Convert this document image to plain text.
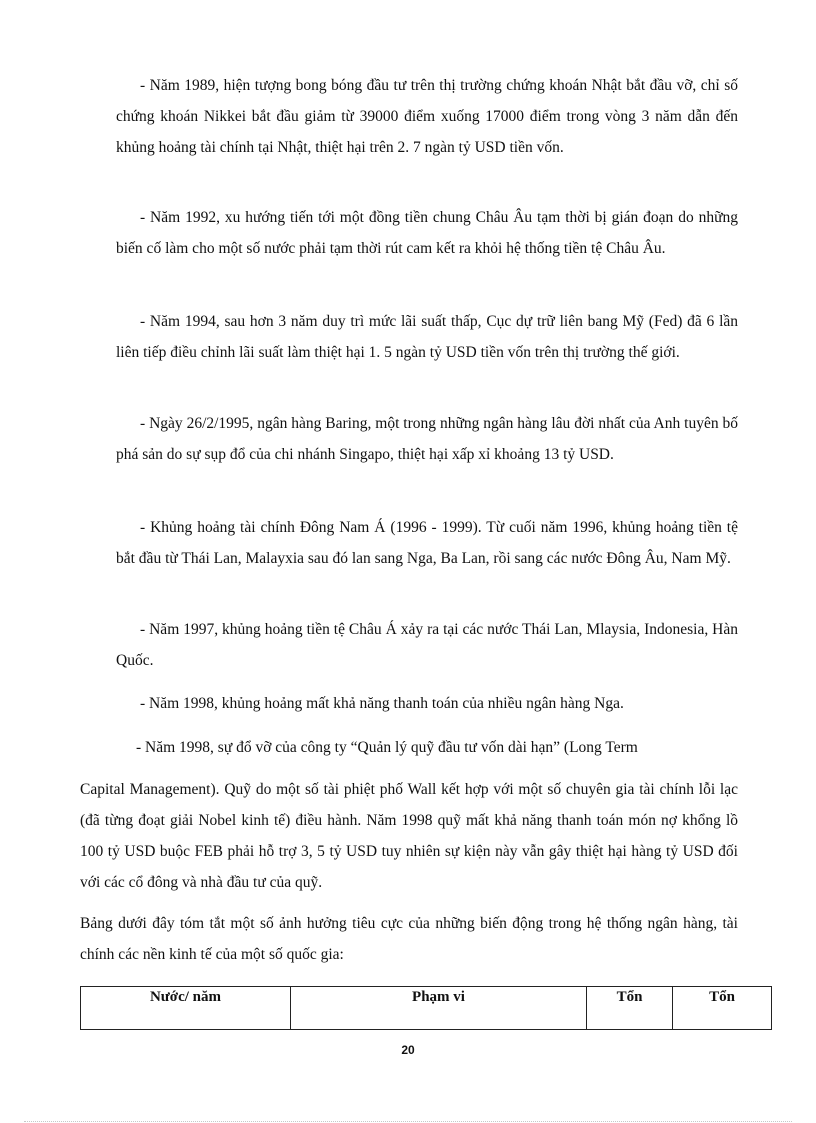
- Năm 1989, hiện tượng bong bóng đầu tư trên thị trường chứng khoán Nhật bắt đầu vỡ, chỉ số chứng khoán Nikkei bắt đầu giảm từ 39000 điểm xuống 17000 điểm trong vòng 3 năm dẫn đến khủng hoảng tài chính tại Nhật, thiệt hại trên 2. 7 ngàn tỷ USD tiền vốn.

- Năm 1992, xu hướng tiến tới một đồng tiền chung Châu Âu tạm thời bị gián đoạn do những biến cố làm cho một số nước phải tạm thời rút cam kết ra khỏi hệ thống tiền tệ Châu Âu.

- Năm 1994, sau hơn 3 năm duy trì mức lãi suất thấp, Cục dự trữ liên bang Mỹ (Fed) đã 6 lần liên tiếp điều chỉnh lãi suất làm thiệt hại 1. 5 ngàn tỷ USD tiền vốn trên thị trường thế giới.

- Ngày 26/2/1995, ngân hàng Baring, một trong những ngân hàng lâu đời nhất của Anh tuyên bố phá sản do sự sụp đổ của chi nhánh Singapo, thiệt hại xấp xỉ khoảng 13 tỷ USD.

- Khủng hoảng tài chính Đông Nam Á (1996 - 1999). Từ cuối năm 1996, khủng hoảng tiền tệ bắt đầu từ Thái Lan, Malayxia sau đó lan sang Nga, Ba Lan, rồi sang các nước Đông Âu, Nam Mỹ.

- Năm 1997, khủng hoảng tiền tệ Châu Á xảy ra tại các nước Thái Lan, Mlaysia, Indonesia, Hàn Quốc.

- Năm 1998, khủng hoảng mất khả năng thanh toán của nhiều ngân hàng Nga.

- Năm 1998, sự đổ vỡ của công ty “Quản lý quỹ đầu tư vốn dài hạn” (Long Term

Capital Management). Quỹ do một số tài phiệt phố Wall kết hợp với một số chuyên gia tài chính lỗi lạc (đã từng đoạt giải Nobel kinh tế) điều hành. Năm 1998 quỹ mất khả năng thanh toán món nợ khổng lồ 100 tỷ USD buộc FEB phải hỗ trợ 3, 5 tỷ USD tuy nhiên sự kiện này vẫn gây thiệt hại hàng tỷ USD đối với các cổ đông và nhà đầu tư của quỹ.

Bảng dưới đây tóm tắt một số ảnh hưởng tiêu cực của những biến động trong hệ thống ngân hàng, tài chính các nền kinh tế của một số quốc gia:

Nước/ năm	Phạm vi	Tổn	Tổn
20
